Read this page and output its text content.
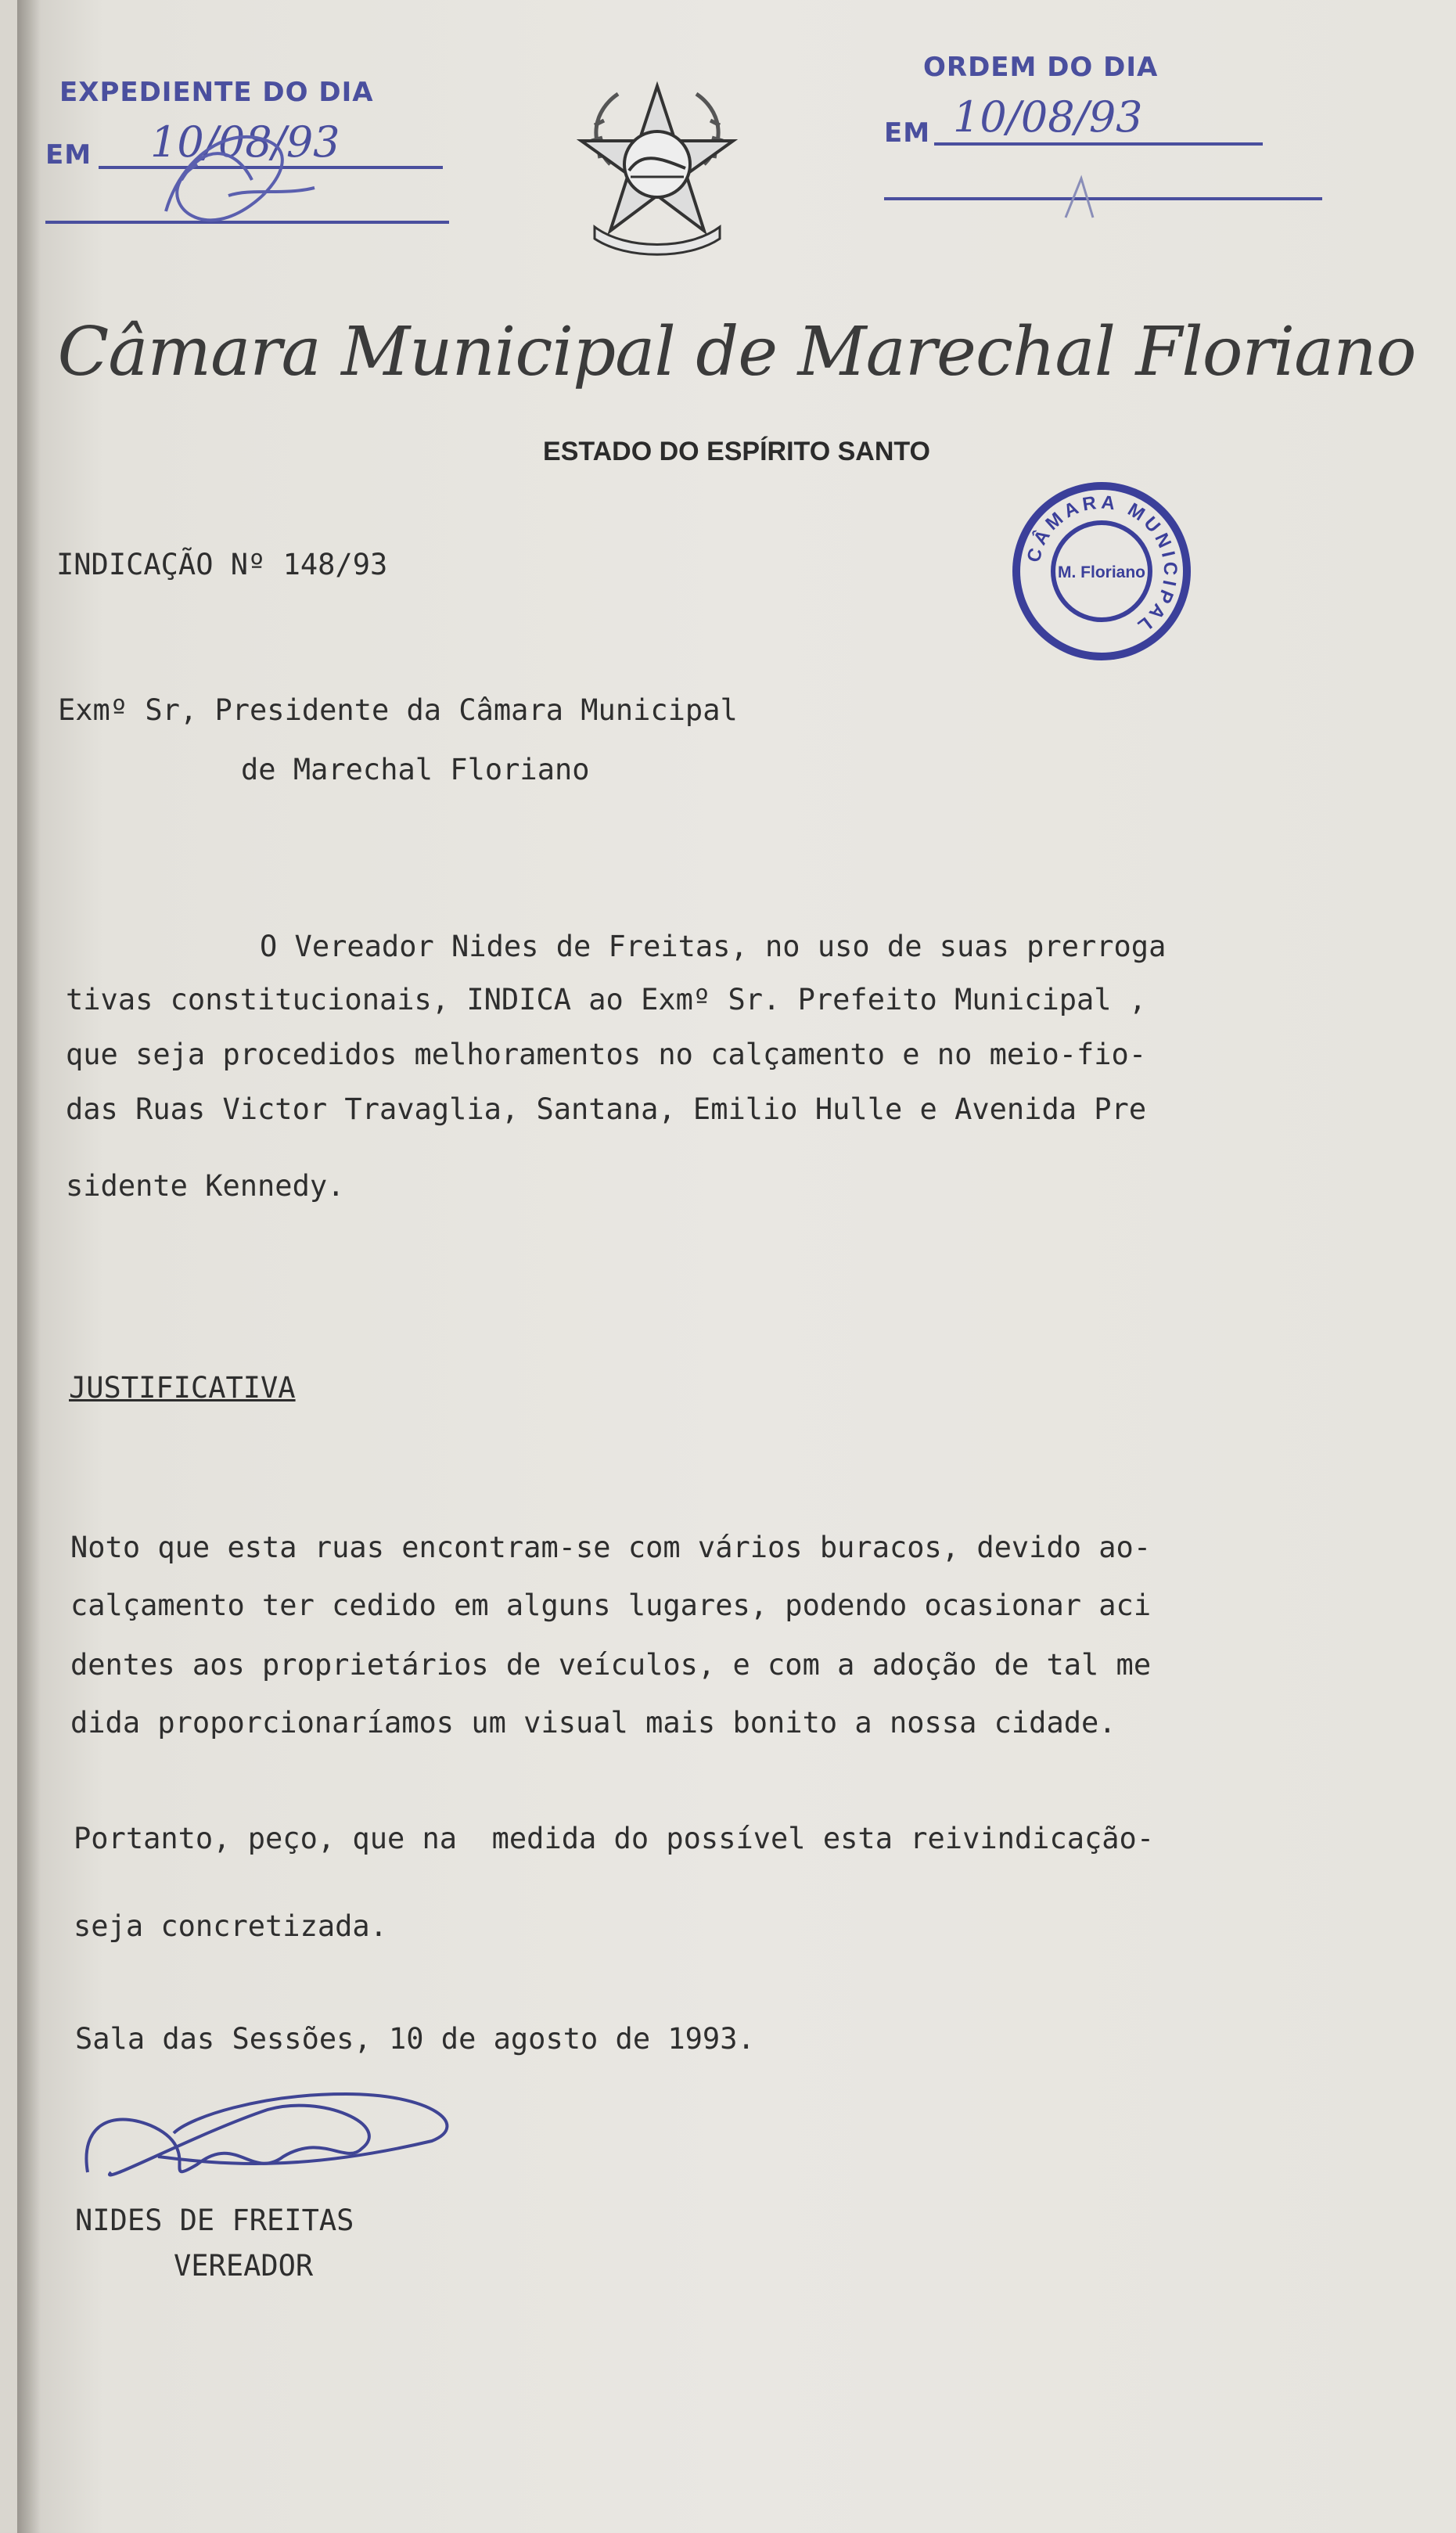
EXPEDIENTE DO DIA
EM 10/08/93
ORDEM DO DIA
EM 10/08/93
Câmara Municipal de Marechal Floriano
ESTADO DO ESPÍRITO SANTO
CÂMARA MUNICIPAL
M. Floriano
INDICAÇÃO Nº 148/93
Exmº Sr, Presidente da Câmara Municipal
de Marechal Floriano
O Vereador Nides de Freitas, no uso de suas prerroga
tivas constitucionais, INDICA ao Exmº Sr. Prefeito Municipal ,
que seja procedidos melhoramentos no calçamento e no meio-fio-
das Ruas Victor Travaglia, Santana, Emilio Hulle e Avenida Pre
sidente Kennedy.
JUSTIFICATIVA
Noto que esta ruas encontram-se com vários buracos, devido ao-
calçamento ter cedido em alguns lugares, podendo ocasionar aci
dentes aos proprietários de veículos, e com a adoção de tal me
dida proporcionaríamos um visual mais bonito a nossa cidade.
Portanto, peço, que na  medida do possível esta reivindicação-
seja concretizada.
Sala das Sessões, 10 de agosto de 1993.
NIDES DE FREITAS
VEREADOR
